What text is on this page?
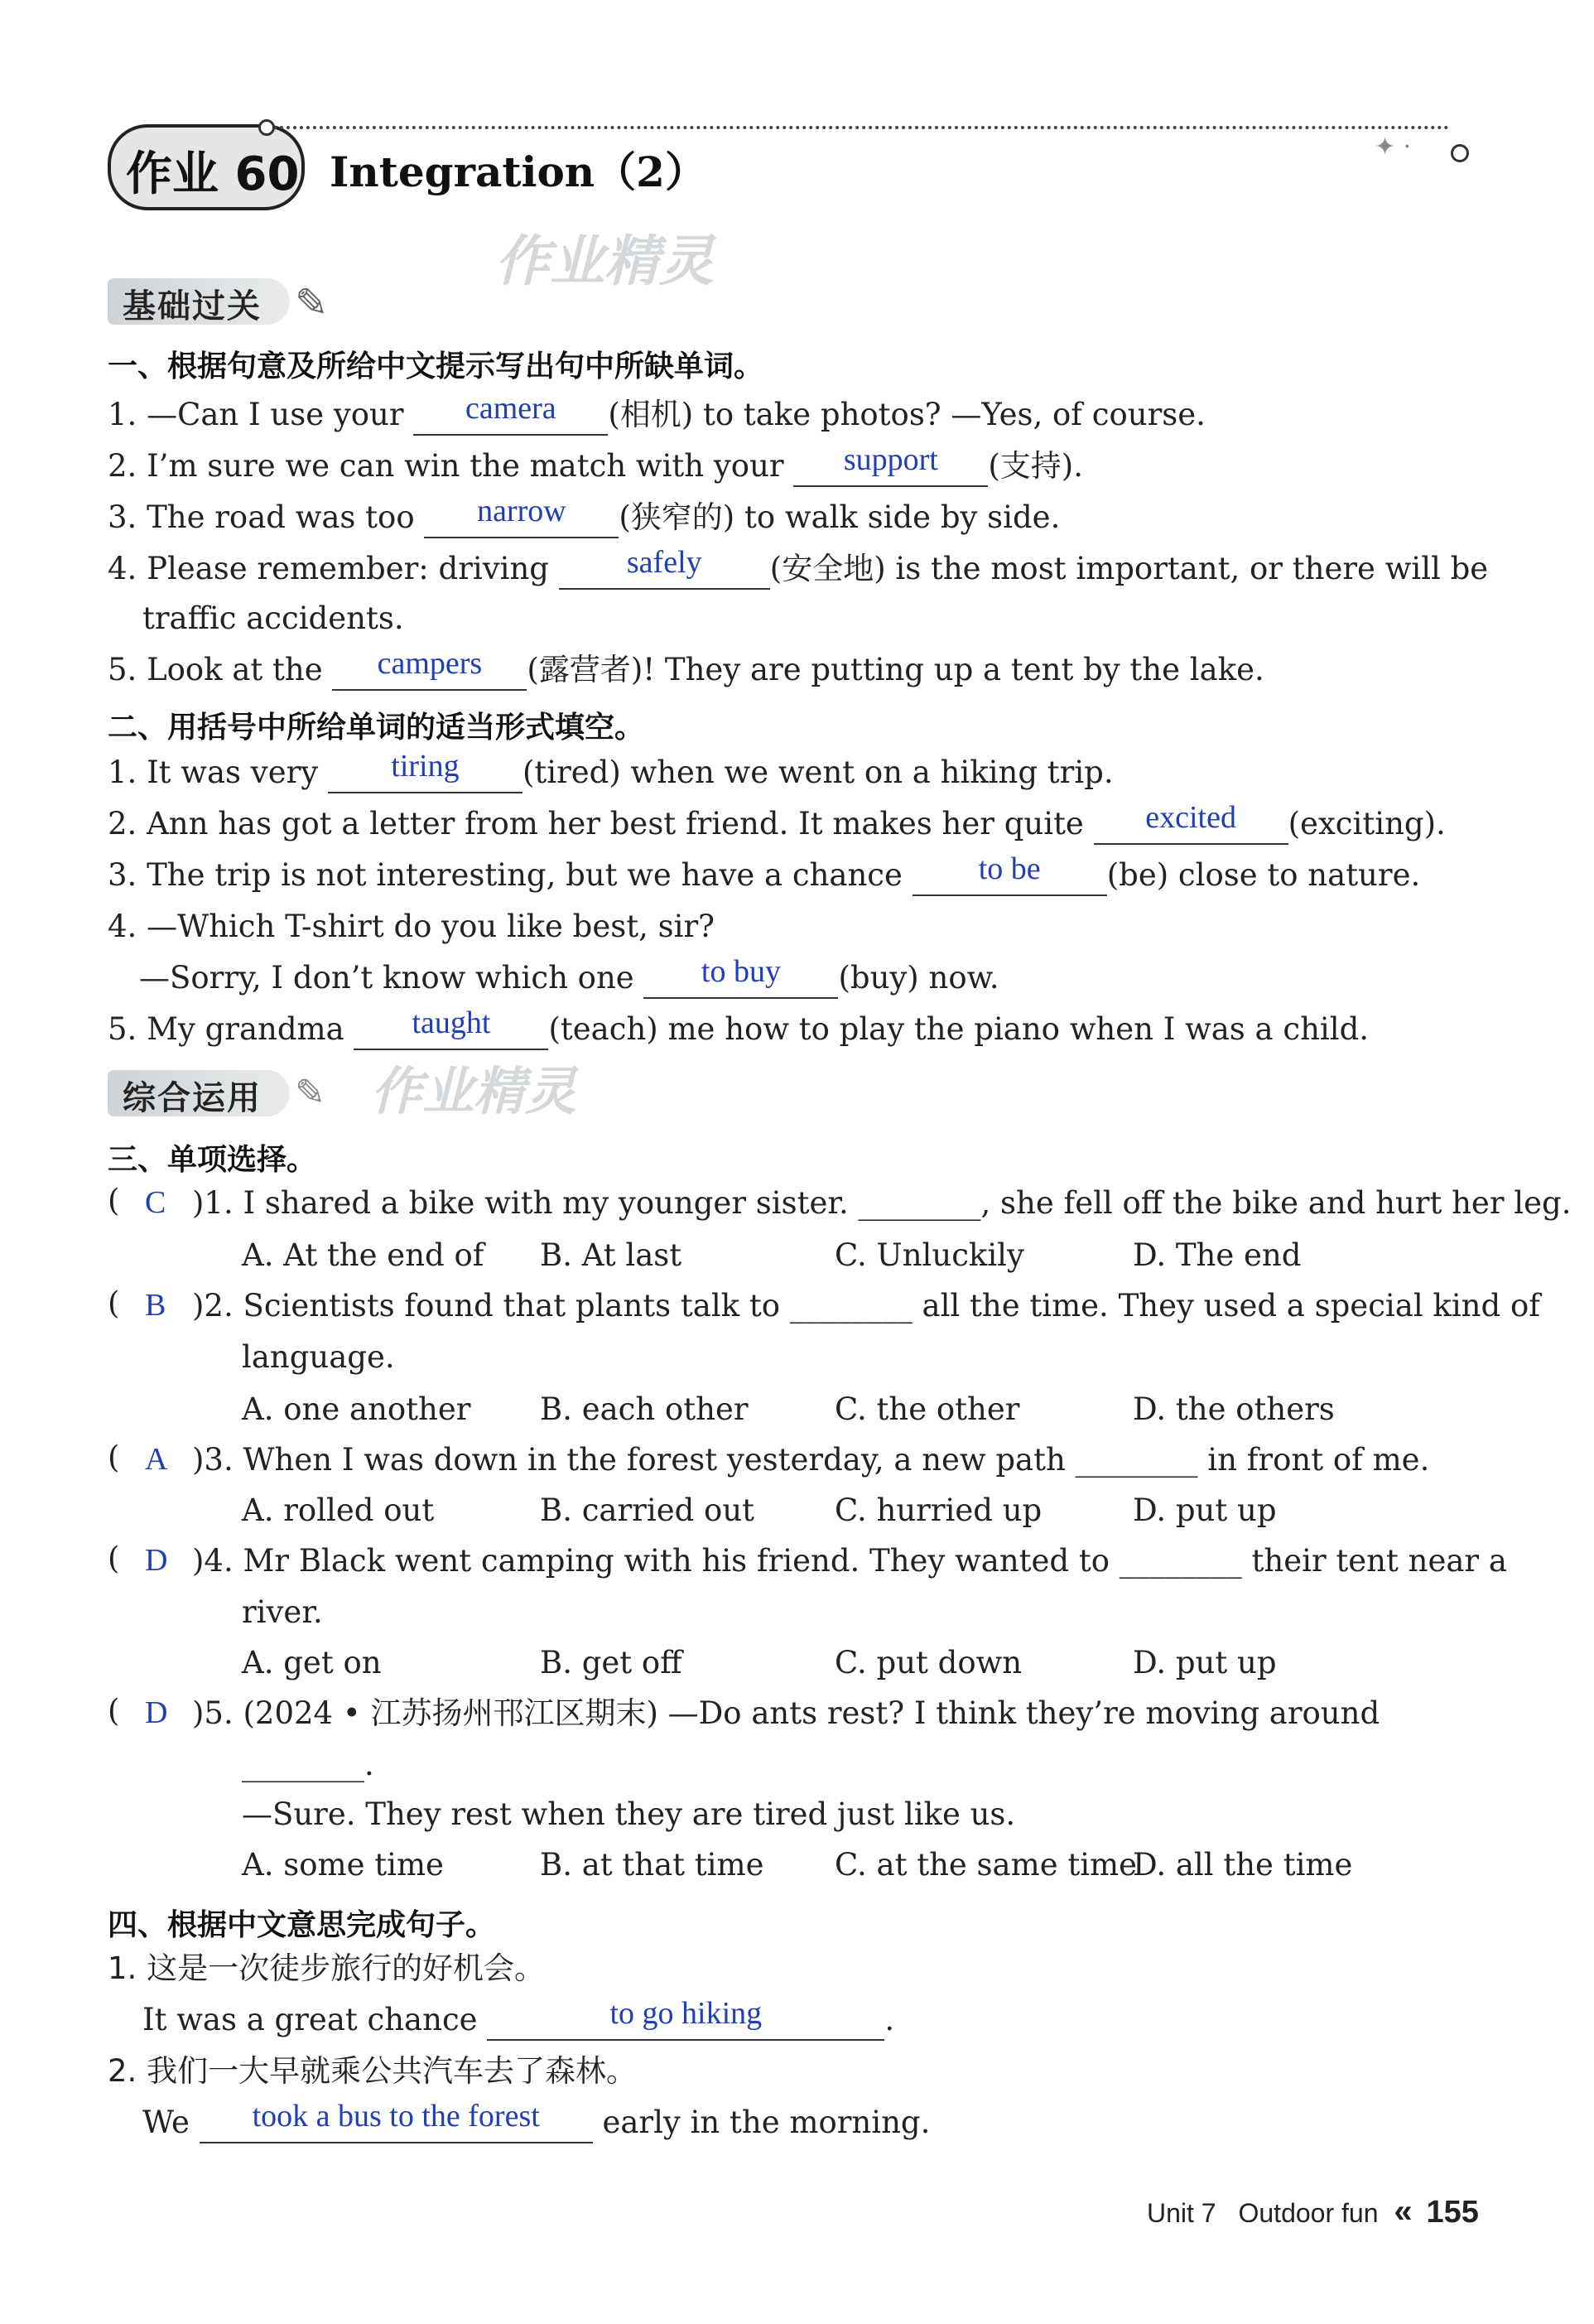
作业 60
✦ ·
Integration（2）
作业精灵
基础过关 ✎
一、根据句意及所给中文提示写出句中所缺单词。
1. —Can I use your	camera	(相机) to take photos? —Yes, of course.
2. I’m sure we can win the match with your	support	(支持).
3. The road was too	narrow	(狭窄的) to walk side by side.
4. Please remember: driving	safely	(安全地) is the most important, or there will be
traffic accidents.
5. Look at the	campers	(露营者)! They are putting up a tent by the lake.
二、用括号中所给单词的适当形式填空。
1. It was very	tiring	(tired) when we went on a hiking trip.
2. Ann has got a letter from her best friend. It makes her quite	excited	(exciting).
3. The trip is not interesting, but we have a chance	to be	(be) close to nature.
4. —Which T-shirt do you like best, sir?
—Sorry, I don’t know which one	to buy	(buy) now.
5. My grandma	taught	(teach) me how to play the piano when I was a child.
综合运用 ✎ 作业精灵
三、单项选择。
( C )1. I shared a bike with my younger sister. ________, she fell off the bike and hurt her leg.
A. At the end of B. At last	C. Unluckily	D. The end
( B )2. Scientists found that plants talk to ________ all the time. They used a special kind of
language.
A. one another B. each other	C. the other	D. the others
( A )3. When I was down in the forest yesterday, a new path ________ in front of me.
A. rolled out	B. carried out	C. hurried up	D. put up
( D )4. Mr Black went camping with his friend. They wanted to ________ their tent near a
river.
A. get on	B. get off	C. put down	D. put up
( D )5. (2024 • 江苏扬州邗江区期末) —Do ants rest? I think they’re moving around
________.
—Sure. They rest when they are tired just like us.
A. some time	B. at that time C. at the same time
D. all the time
四、根据中文意思完成句子。
1. 这是一次徒步旅行的好机会。
It was a great chance	to go hiking	.
2. 我们一大早就乘公共汽车去了森林。
We	took a bus to the forest	early in the morning.
Unit 7 Outdoor fun « 155
